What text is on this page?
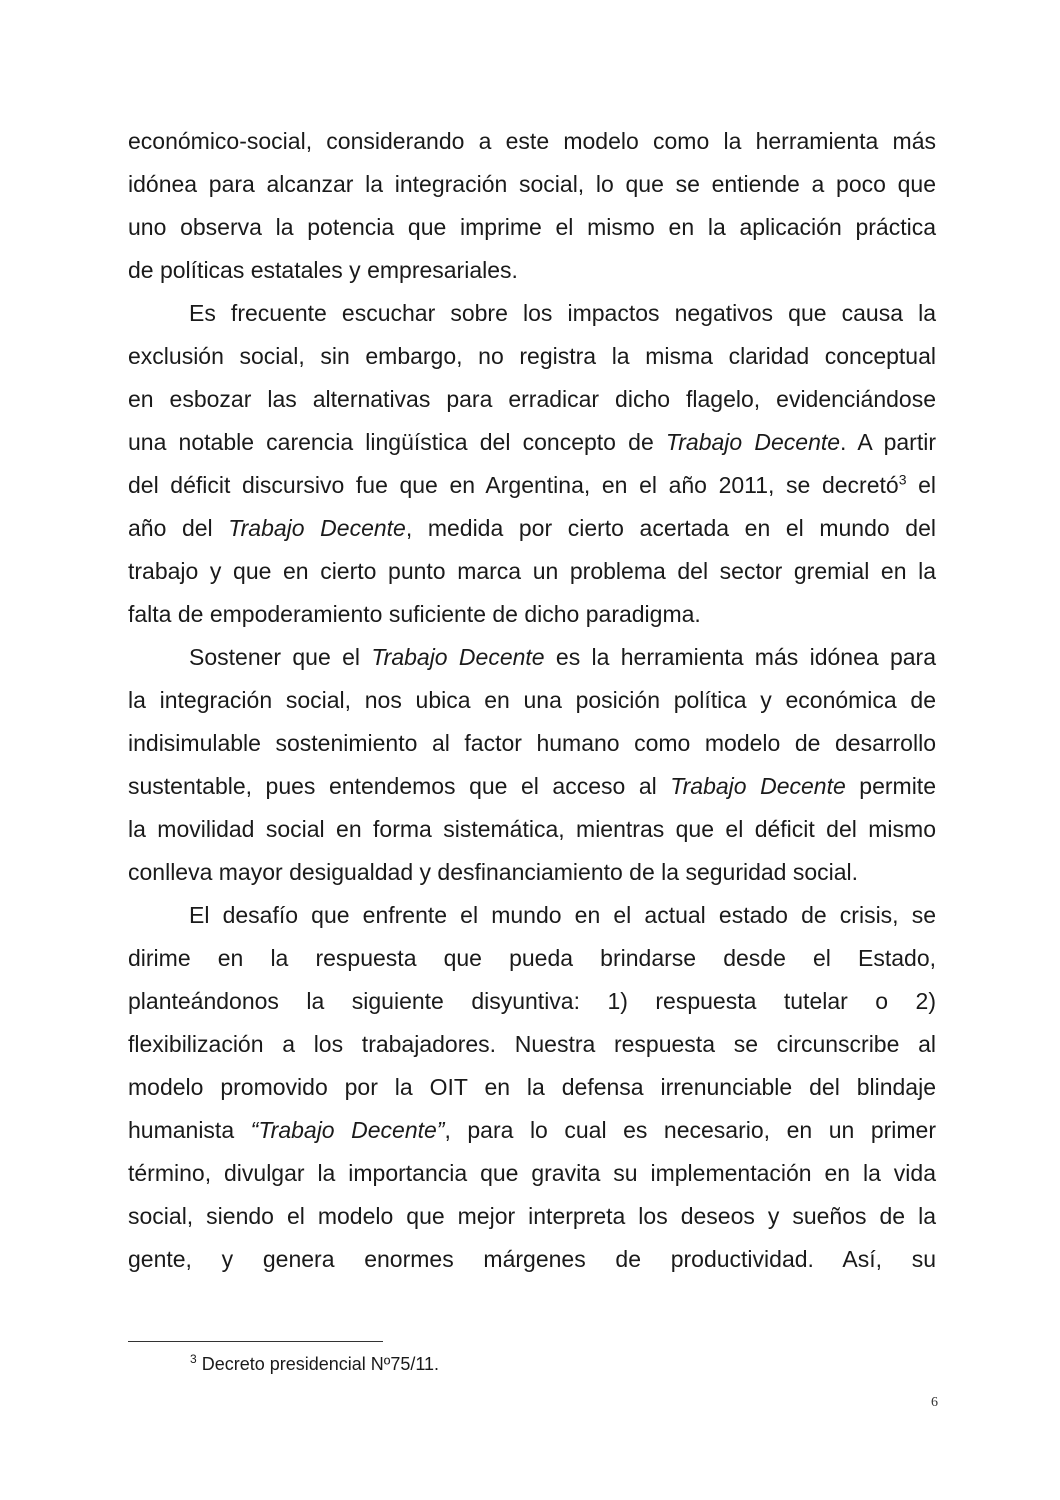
económico-social, considerando a este modelo como la herramienta más
idónea para alcanzar la integración social, lo que se entiende a poco que
uno observa la potencia que imprime el mismo en la aplicación práctica
de políticas estatales y empresariales.
Es frecuente escuchar sobre los impactos negativos que causa la
exclusión social, sin embargo, no registra la misma claridad conceptual
en esbozar las alternativas para erradicar dicho flagelo, evidenciándose
una notable carencia lingüística del concepto de Trabajo Decente. A partir
del déficit discursivo fue que en Argentina, en el año 2011, se decretó$^3$ el
año del Trabajo Decente, medida por cierto acertada en el mundo del
trabajo y que en cierto punto marca un problema del sector gremial en la
falta de empoderamiento suficiente de dicho paradigma.
Sostener que el Trabajo Decente es la herramienta más idónea para
la integración social, nos ubica en una posición política y económica de
indisimulable sostenimiento al factor humano como modelo de desarrollo
sustentable, pues entendemos que el acceso al Trabajo Decente permite
la movilidad social en forma sistemática, mientras que el déficit del mismo
conlleva mayor desigualdad y desfinanciamiento de la seguridad social.
El desafío que enfrente el mundo en el actual estado de crisis, se
dirime en la respuesta que pueda brindarse desde el Estado,
planteándonos la siguiente disyuntiva: 1) respuesta tutelar o 2)
flexibilización a los trabajadores. Nuestra respuesta se circunscribe al
modelo promovido por la OIT en la defensa irrenunciable del blindaje
humanista “Trabajo Decente”, para lo cual es necesario, en un primer
término, divulgar la importancia que gravita su implementación en la vida
social, siendo el modelo que mejor interpreta los deseos y sueños de la
gente, y genera enormes márgenes de productividad. Así, su
$^3$ Decreto presidencial Nº75/11.
6
